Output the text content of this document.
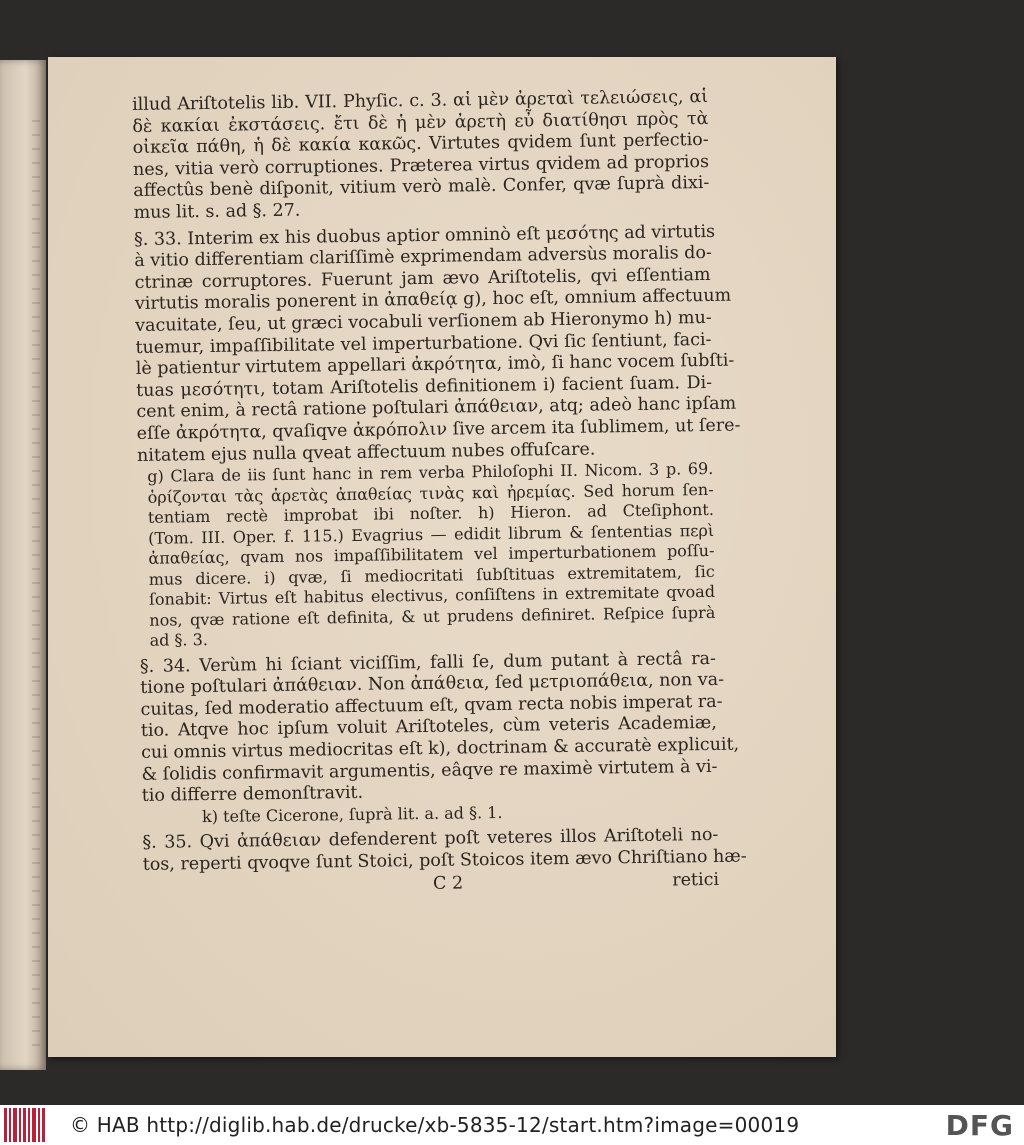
illud Ariſtotelis lib. VII. Phyſic. c. 3. αἱ μὲν ἀρεταὶ τελειώσεις, αἱ
δὲ κακίαι ἐκστάσεις. ἔτι δὲ ἡ μὲν ἀρετὴ εὖ διατίθησι πρὸς τὰ
οἰκεῖα πάθη, ἡ δὲ κακία κακῶς. Virtutes qvidem ſunt perfectio-
nes, vitia verò corruptiones. Præterea virtus qvidem ad proprios
affectûs benè diſponit, vitium verò malè. Confer, qvæ ſuprà dixi-
mus lit. s. ad §. 27.
§. 33. Interim ex his duobus aptior omninò eſt μεσότης ad virtutis
à vitio differentiam clariſſimè exprimendam adversùs moralis do-
ctrinæ corruptores. Fuerunt jam ævo Ariſtotelis, qvi eſſentiam
virtutis moralis ponerent in ἀπαθείᾳ g), hoc eſt, omnium affectuum
vacuitate, ſeu, ut græci vocabuli verſionem ab Hieronymo h) mu-
tuemur, impaſſibilitate vel imperturbatione. Qvi ſic ſentiunt, faci-
lè patientur virtutem appellari ἀκρότητα, imò, ſi hanc vocem ſubſti-
tuas μεσότητι, totam Ariſtotelis definitionem i) facient ſuam. Di-
cent enim, à rectâ ratione poſtulari ἀπάθειαν, atq; adeò hanc ipſam
eſſe ἀκρότητα, qvaſiqve ἀκρόπολιν ſive arcem ita ſublimem, ut ſere-
nitatem ejus nulla qveat affectuum nubes offuſcare.
g) Clara de iis ſunt hanc in rem verba Philoſophi II. Nicom. 3 p. 69.
ὁρίζονται τὰς ἀρετὰς ἀπαθείας τινὰς καὶ ἠρεμίας. Sed horum ſen-
tentiam rectè improbat ibi noſter. h) Hieron. ad Cteſiphont.
(Tom. III. Oper. f. 115.) Evagrius — edidit librum & ſententias περὶ
ἀπαθείας, qvam nos impaſſibilitatem vel imperturbationem poſſu-
mus dicere. i) qvæ, ſi mediocritati ſubſtituas extremitatem, ſic
ſonabit: Virtus eſt habitus electivus, conſiſtens in extremitate qvoad
nos, qvæ ratione eſt definita, & ut prudens definiret. Reſpice ſuprà
ad §. 3.
§. 34. Verùm hi ſciant viciſſim, falli ſe, dum putant à rectâ ra-
tione poſtulari ἀπάθειαν. Non ἀπάθεια, ſed μετριοπάθεια, non va-
cuitas, ſed moderatio affectuum eſt, qvam recta nobis imperat ra-
tio. Atqve hoc ipſum voluit Ariſtoteles, cùm veteris Academiæ,
cui omnis virtus mediocritas eſt k), doctrinam & accuratè explicuit,
& ſolidis confirmavit argumentis, eâqve re maximè virtutem à vi-
tio differre demonſtravit.
k) teſte Cicerone, ſuprà lit. a. ad §. 1.
§. 35. Qvi ἀπάθειαν defenderent poſt veteres illos Ariſtoteli no-
tos, reperti qvoqve ſunt Stoici, poſt Stoicos item ævo Chriſtiano hæ-
C 2	retici
© HAB http://diglib.hab.de/drucke/xb-5835-12/start.htm?image=00019	DFG
